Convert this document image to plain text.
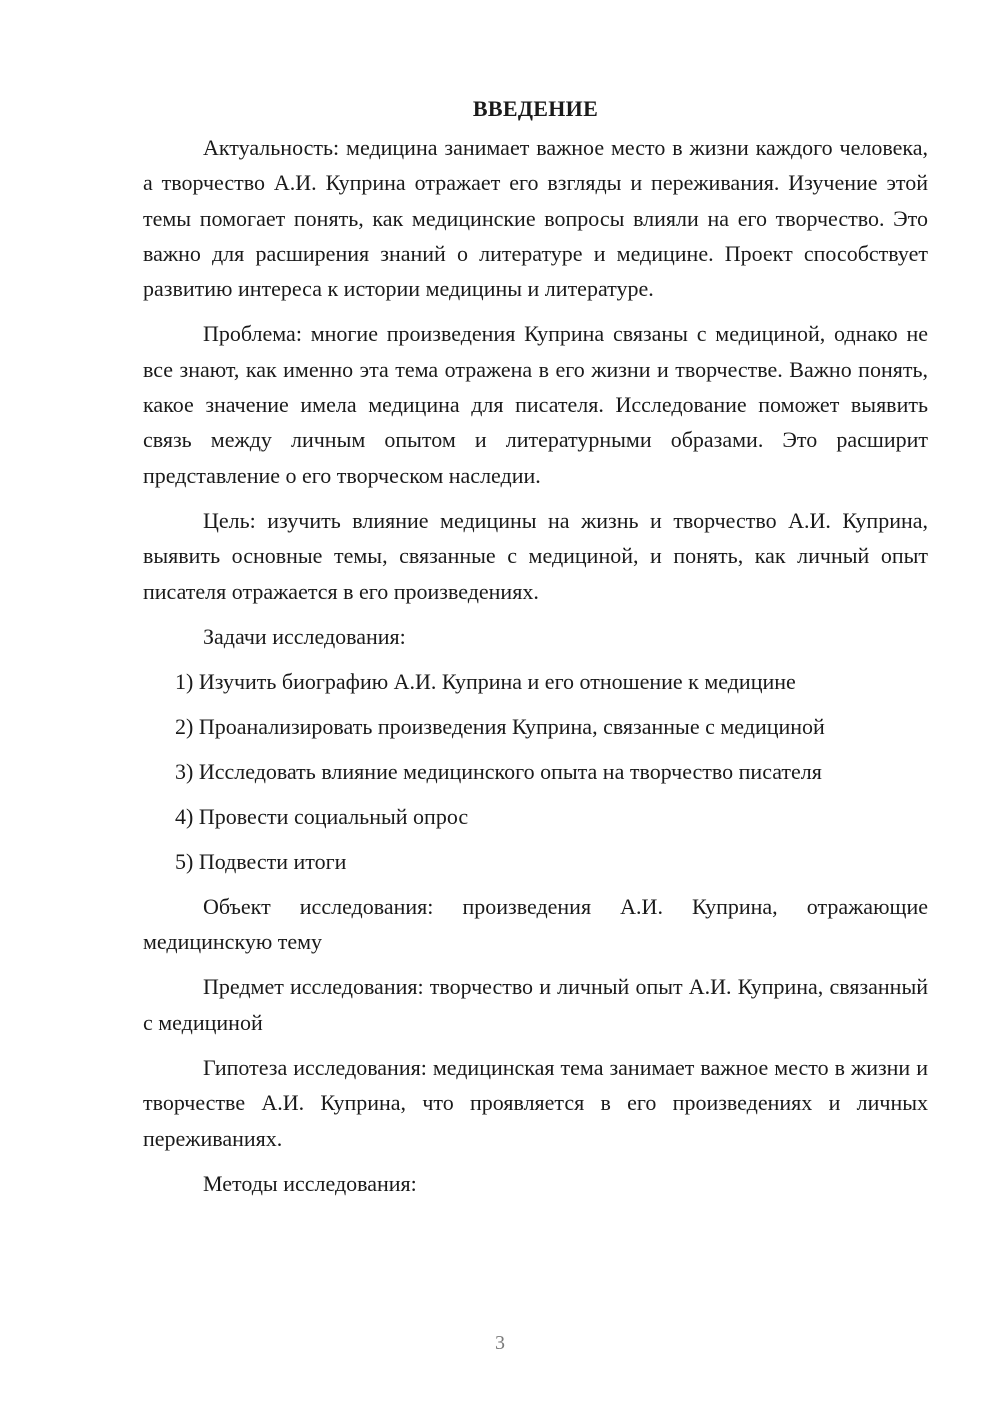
ВВЕДЕНИЕ

Актуальность: медицина занимает важное место в жизни каждого человека, а творчество А.И. Куприна отражает его взгляды и переживания. Изучение этой темы помогает понять, как медицинские вопросы влияли на его творчество. Это важно для расширения знаний о литературе и медицине. Проект способствует развитию интереса к истории медицины и литературе.

Проблема: многие произведения Куприна связаны с медициной, однако не все знают, как именно эта тема отражена в его жизни и творчестве. Важно понять, какое значение имела медицина для писателя. Исследование поможет выявить связь между личным опытом и литературными образами. Это расширит представление о его творческом наследии.

Цель: изучить влияние медицины на жизнь и творчество А.И. Куприна, выявить основные темы, связанные с медициной, и понять, как личный опыт писателя отражается в его произведениях.

Задачи исследования:
1) Изучить биографию А.И. Куприна и его отношение к медицине
2) Проанализировать произведения Куприна, связанные с медициной
3) Исследовать влияние медицинского опыта на творчество писателя
4) Провести социальный опрос
5) Подвести итоги

Объект исследования: произведения А.И. Куприна, отражающие медицинскую тему

Предмет исследования: творчество и личный опыт А.И. Куприна, связанный с медициной

Гипотеза исследования: медицинская тема занимает важное место в жизни и творчестве А.И. Куприна, что проявляется в его произведениях и личных переживаниях.

Методы исследования:
3
